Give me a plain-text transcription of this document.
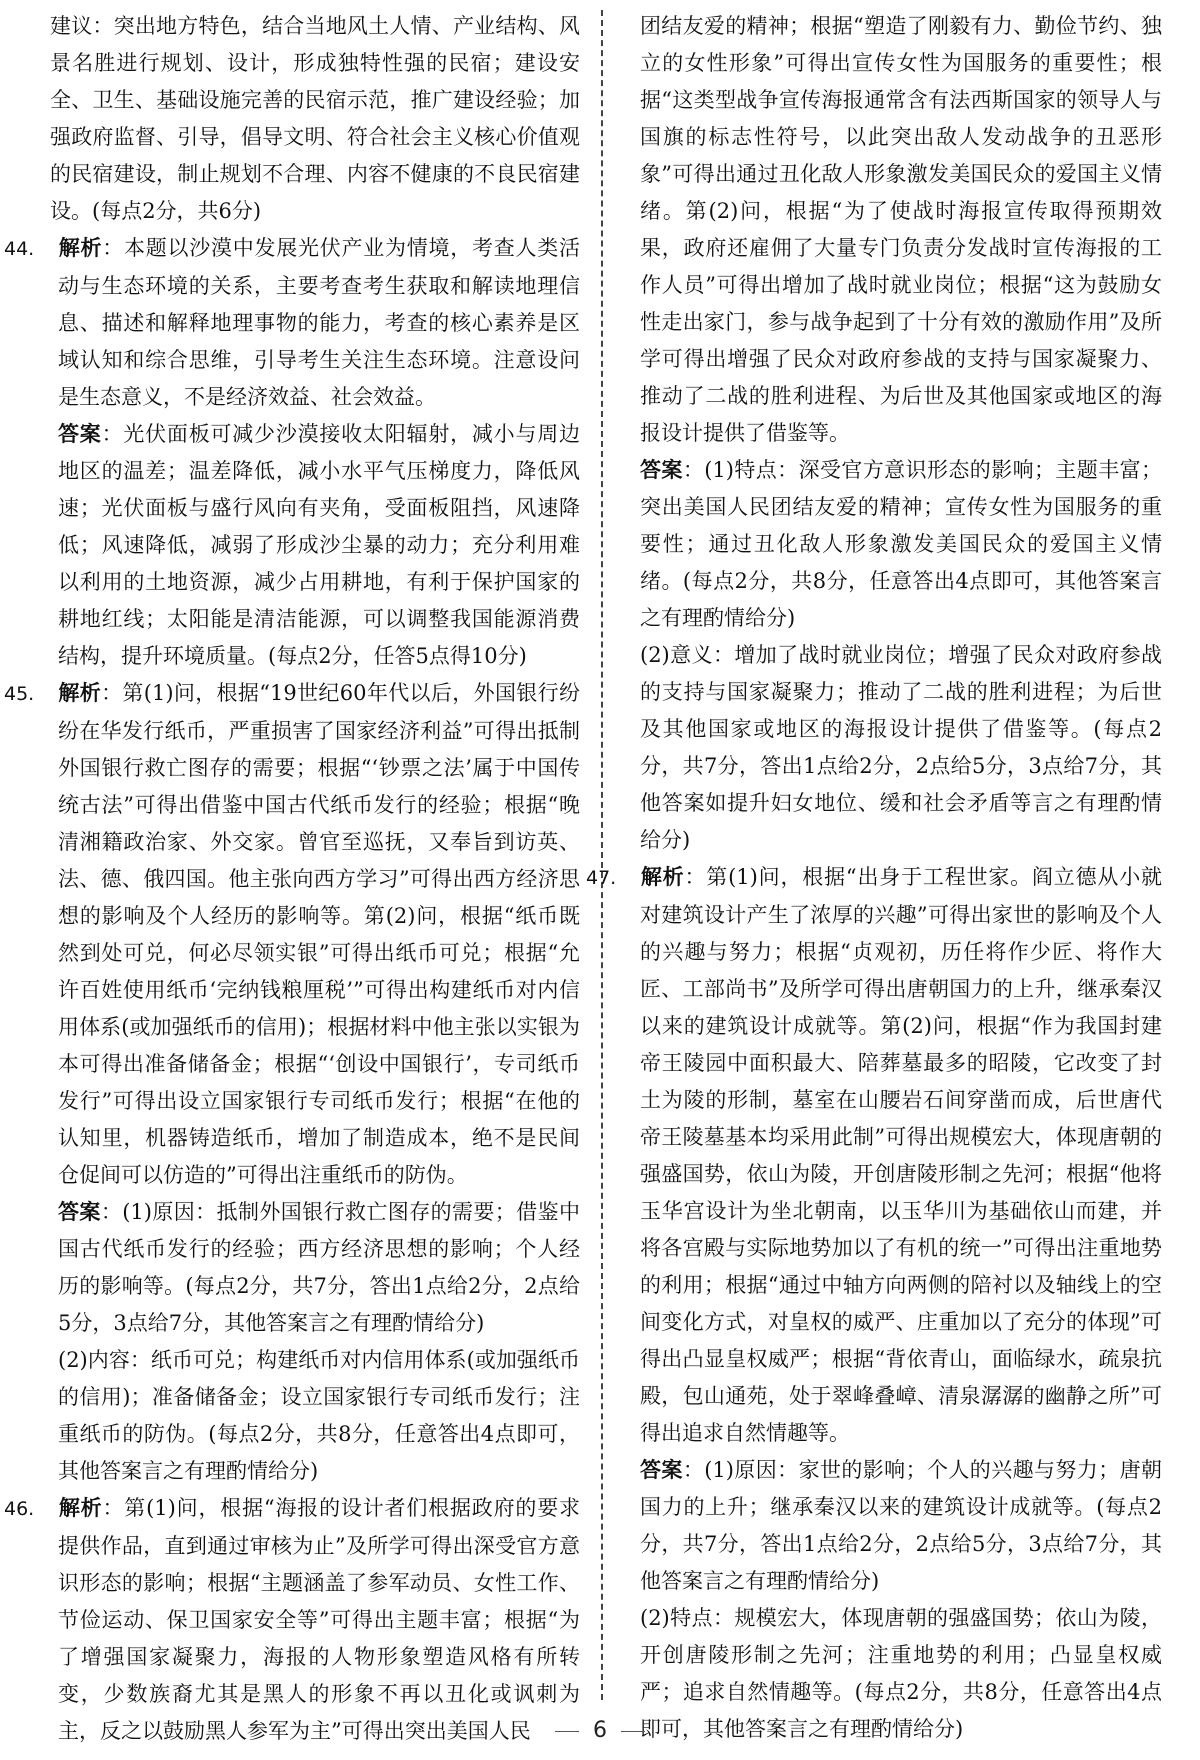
建议：突出地方特色，结合当地风土人情、产业结构、风景名胜进行规划、设计，形成独特性强的民宿；建设安全、卫生、基础设施完善的民宿示范，推广建设经验；加强政府监督、引导，倡导文明、符合社会主义核心价值观的民宿建设，制止规划不合理、内容不健康的不良民宿建设。(每点2分，共6分)

44. 解析：本题以沙漠中发展光伏产业为情境，考查人类活动与生态环境的关系，主要考查考生获取和解读地理信息、描述和解释地理事物的能力，考查的核心素养是区域认知和综合思维，引导考生关注生态环境。注意设问是生态意义，不是经济效益、社会效益。

答案：光伏面板可减少沙漠接收太阳辐射，减小与周边地区的温差；温差降低，减小水平气压梯度力，降低风速；光伏面板与盛行风向有夹角，受面板阻挡，风速降低；风速降低，减弱了形成沙尘暴的动力；充分利用难以利用的土地资源，减少占用耕地，有利于保护国家的耕地红线；太阳能是清洁能源，可以调整我国能源消费结构，提升环境质量。(每点2分，任答5点得10分)

45. 解析：第(1)问，根据“19世纪60年代以后，外国银行纷纷在华发行纸币，严重损害了国家经济利益”可得出抵制外国银行救亡图存的需要；根据“‘钞票之法’属于中国传统古法”可得出借鉴中国古代纸币发行的经验；根据“晚清湘籍政治家、外交家。曾官至巡抚，又奉旨到访英、法、德、俄四国。他主张向西方学习”可得出西方经济思想的影响及个人经历的影响等。第(2)问，根据“纸币既然到处可兑，何必尽领实银”可得出纸币可兑；根据“允许百姓使用纸币‘完纳钱粮厘税’”可得出构建纸币对内信用体系(或加强纸币的信用)；根据材料中他主张以实银为本可得出准备储备金；根据“‘创设中国银行’，专司纸币发行”可得出设立国家银行专司纸币发行；根据“在他的认知里，机器铸造纸币，增加了制造成本，绝不是民间仓促间可以仿造的”可得出注重纸币的防伪。

答案：(1)原因：抵制外国银行救亡图存的需要；借鉴中国古代纸币发行的经验；西方经济思想的影响；个人经历的影响等。(每点2分，共7分，答出1点给2分，2点给5分，3点给7分，其他答案言之有理酌情给分)

(2)内容：纸币可兑；构建纸币对内信用体系(或加强纸币的信用)；准备储备金；设立国家银行专司纸币发行；注重纸币的防伪。(每点2分，共8分，任意答出4点即可，其他答案言之有理酌情给分)

46. 解析：第(1)问，根据“海报的设计者们根据政府的要求提供作品，直到通过审核为止”及所学可得出深受官方意识形态的影响；根据“主题涵盖了参军动员、女性工作、节俭运动、保卫国家安全等”可得出主题丰富；根据“为了增强国家凝聚力，海报的人物形象塑造风格有所转变，少数族裔尤其是黑人的形象不再以丑化或讽刺为主，反之以鼓励黑人参军为主”可得出突出美国人民

团结友爱的精神；根据“塑造了刚毅有力、勤俭节约、独立的女性形象”可得出宣传女性为国服务的重要性；根据“这类型战争宣传海报通常含有法西斯国家的领导人与国旗的标志性符号，以此突出敌人发动战争的丑恶形象”可得出通过丑化敌人形象激发美国民众的爱国主义情绪。第(2)问，根据“为了使战时海报宣传取得预期效果，政府还雇佣了大量专门负责分发战时宣传海报的工作人员”可得出增加了战时就业岗位；根据“这为鼓励女性走出家门，参与战争起到了十分有效的激励作用”及所学可得出增强了民众对政府参战的支持与国家凝聚力、推动了二战的胜利进程、为后世及其他国家或地区的海报设计提供了借鉴等。

答案：(1)特点：深受官方意识形态的影响；主题丰富；突出美国人民团结友爱的精神；宣传女性为国服务的重要性；通过丑化敌人形象激发美国民众的爱国主义情绪。(每点2分，共8分，任意答出4点即可，其他答案言之有理酌情给分)

(2)意义：增加了战时就业岗位；增强了民众对政府参战的支持与国家凝聚力；推动了二战的胜利进程；为后世及其他国家或地区的海报设计提供了借鉴等。(每点2分，共7分，答出1点给2分，2点给5分，3点给7分，其他答案如提升妇女地位、缓和社会矛盾等言之有理酌情给分)

47. 解析：第(1)问，根据“出身于工程世家。阎立德从小就对建筑设计产生了浓厚的兴趣”可得出家世的影响及个人的兴趣与努力；根据“贞观初，历任将作少匠、将作大匠、工部尚书”及所学可得出唐朝国力的上升，继承秦汉以来的建筑设计成就等。第(2)问，根据“作为我国封建帝王陵园中面积最大、陪葬墓最多的昭陵，它改变了封土为陵的形制，墓室在山腰岩石间穿凿而成，后世唐代帝王陵墓基本均采用此制”可得出规模宏大，体现唐朝的强盛国势，依山为陵，开创唐陵形制之先河；根据“他将玉华宫设计为坐北朝南，以玉华川为基础依山而建，并将各宫殿与实际地势加以了有机的统一”可得出注重地势的利用；根据“通过中轴方向两侧的陪衬以及轴线上的空间变化方式，对皇权的威严、庄重加以了充分的体现”可得出凸显皇权威严；根据“背依青山，面临绿水，疏泉抗殿，包山通苑，处于翠峰叠嶂、清泉潺潺的幽静之所”可得出追求自然情趣等。

答案：(1)原因：家世的影响；个人的兴趣与努力；唐朝国力的上升；继承秦汉以来的建筑设计成就等。(每点2分，共7分，答出1点给2分，2点给5分，3点给7分，其他答案言之有理酌情给分)

(2)特点：规模宏大，体现唐朝的强盛国势；依山为陵，开创唐陵形制之先河；注重地势的利用；凸显皇权威严；追求自然情趣等。(每点2分，共8分，任意答出4点即可，其他答案言之有理酌情给分)

6
